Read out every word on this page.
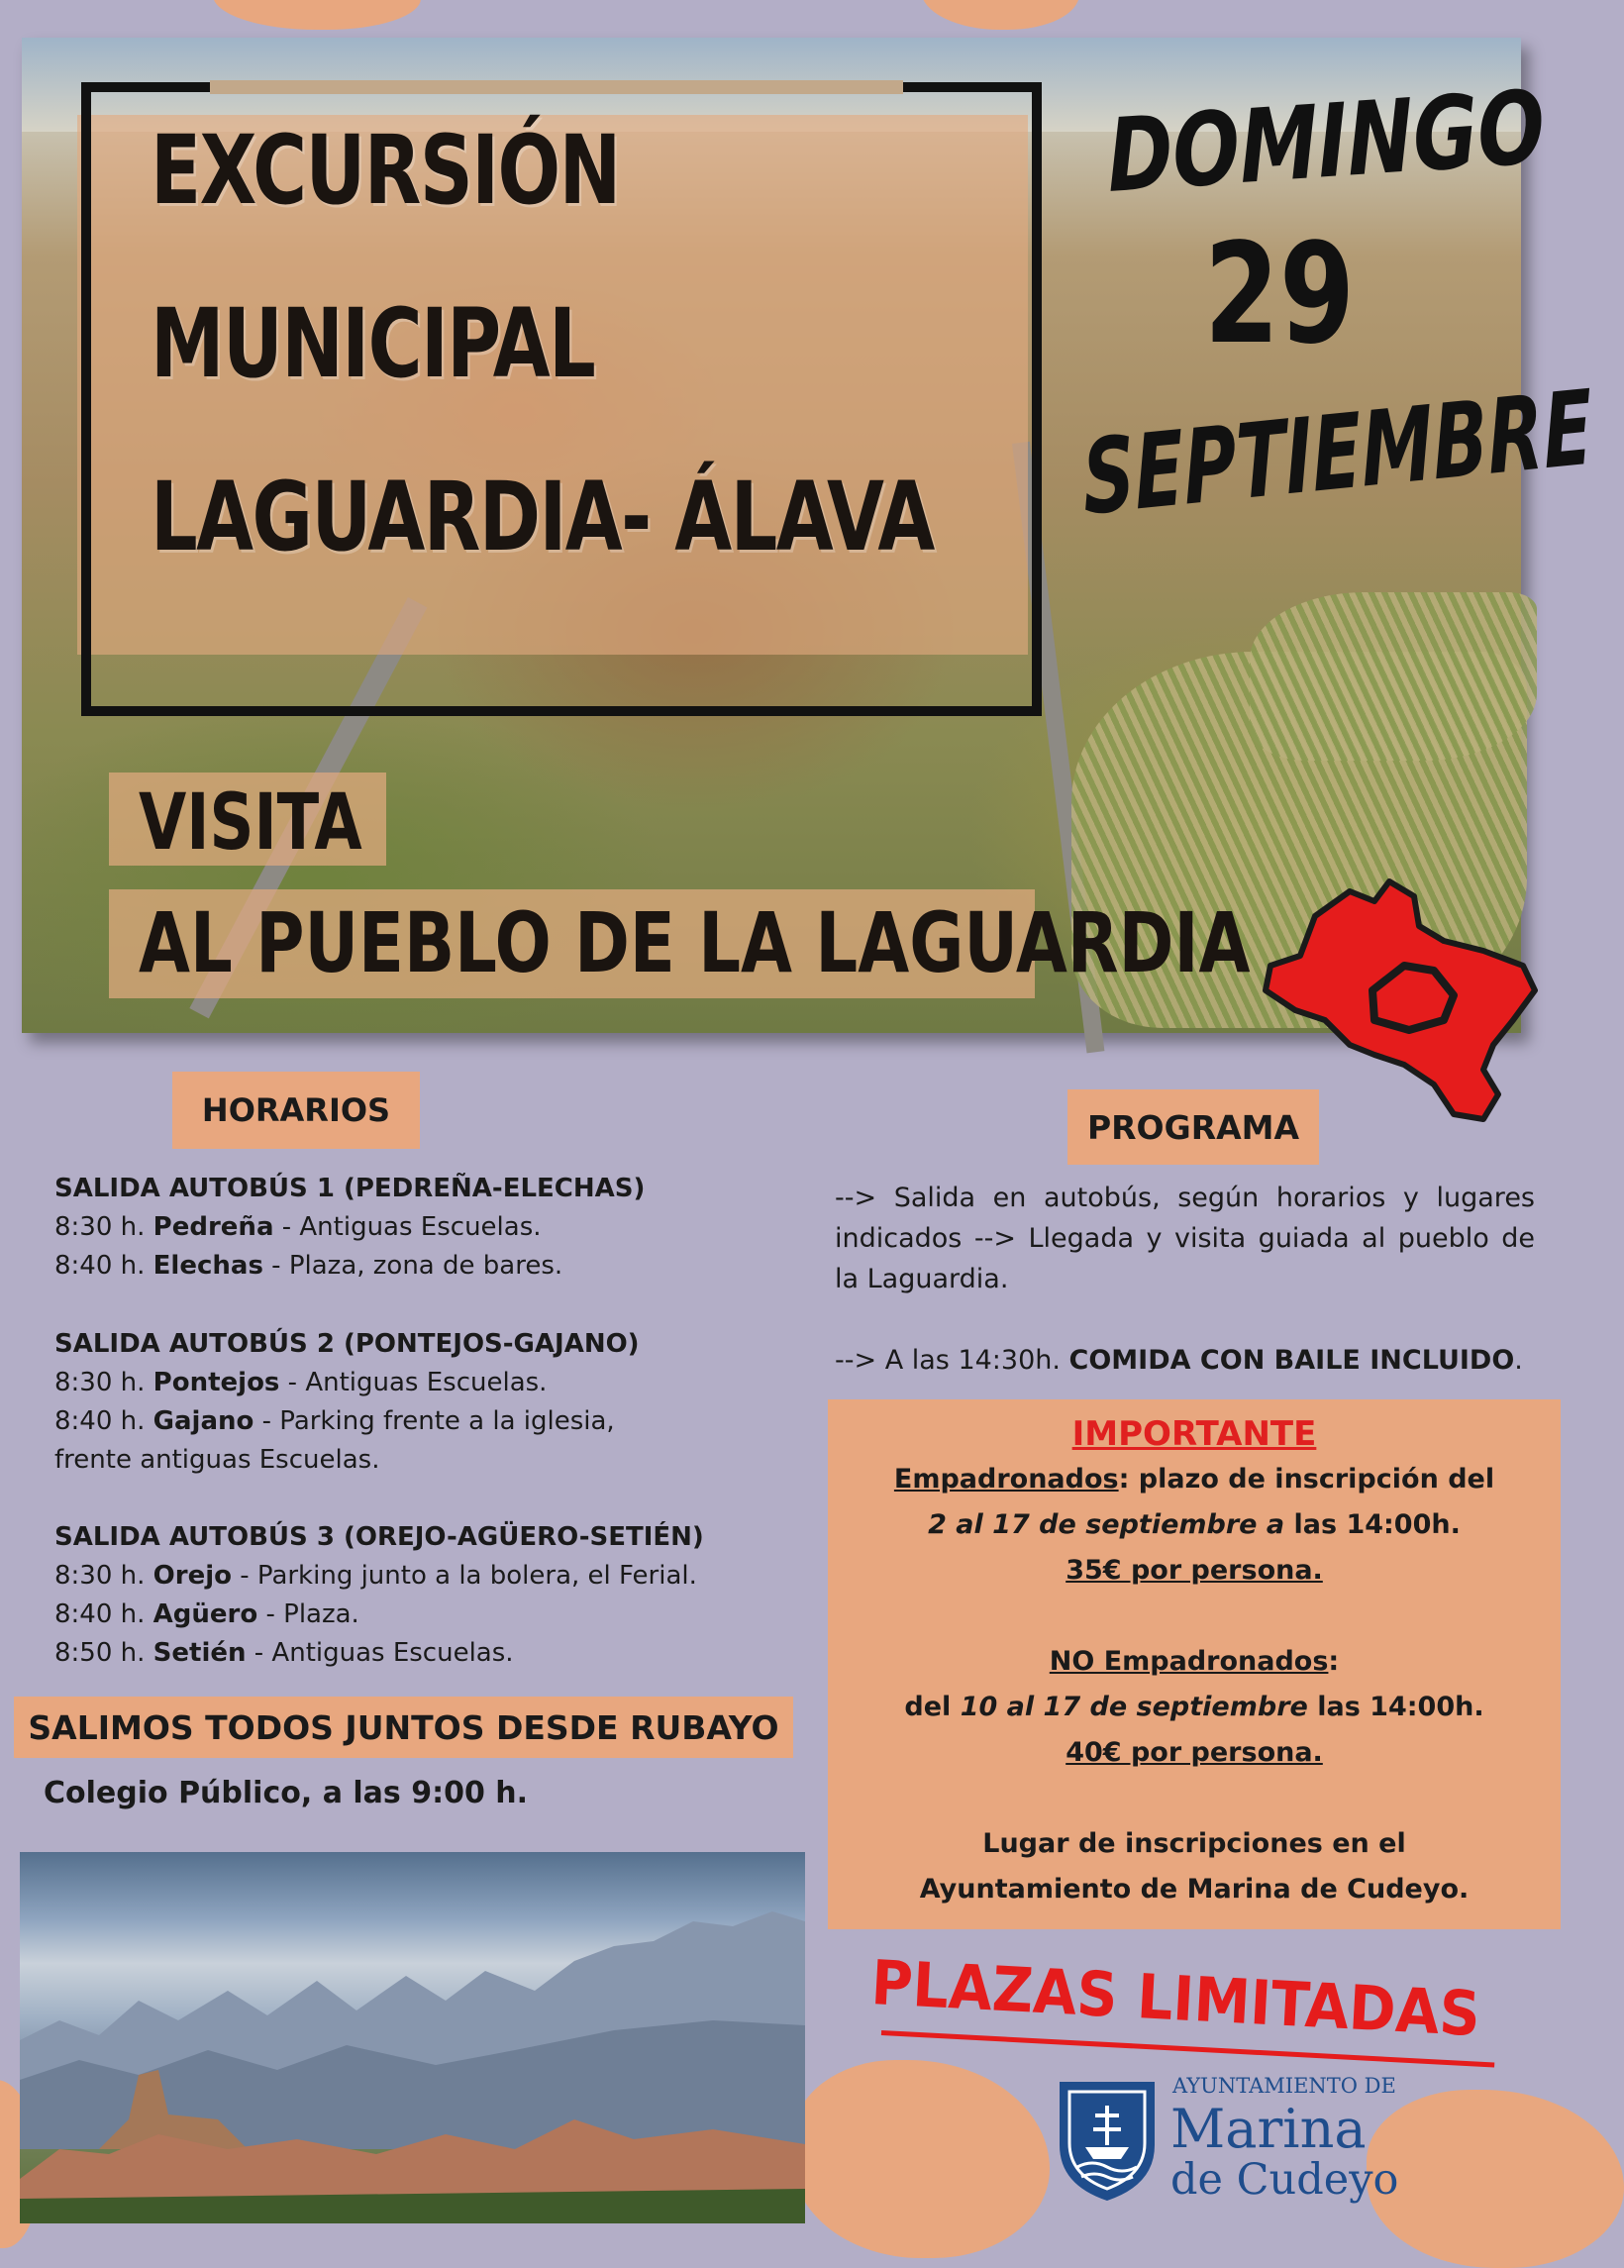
EXCURSIÓN
MUNICIPAL
LAGUARDIA- ÁLAVA
DOMINGO
29
SEPTIEMBRE
VISITA
AL PUEBLO DE LA LAGUARDIA
HORARIOS
SALIDA AUTOBÚS 1 (PEDREÑA-ELECHAS)
8:30 h. Pedreña - Antiguas Escuelas.
8:40 h. Elechas - Plaza, zona de bares.
SALIDA AUTOBÚS 2 (PONTEJOS-GAJANO)
8:30 h. Pontejos - Antiguas Escuelas.
8:40 h. Gajano - Parking frente a la iglesia,
frente antiguas Escuelas.
SALIDA AUTOBÚS 3 (OREJO-AGÜERO-SETIÉN)
8:30 h. Orejo - Parking junto a la bolera, el Ferial.
8:40 h. Agüero - Plaza.
8:50 h. Setién - Antiguas Escuelas.
SALIMOS TODOS JUNTOS DESDE RUBAYO
Colegio Público, a las 9:00 h.
PROGRAMA
--> Salida en autobús, según horarios y lugares indicados --> Llegada y visita guiada al pueblo de la Laguardia.
--> A las 14:30h. COMIDA CON BAILE INCLUIDO.
IMPORTANTE
Empadronados: plazo de inscripción del
2 al 17 de septiembre a las 14:00h.
35€ por persona.
NO Empadronados:
del 10 al 17 de septiembre las 14:00h.
40€ por persona.
Lugar de inscripciones en el
Ayuntamiento de Marina de Cudeyo.
PLAZAS LIMITADAS
AYUNTAMIENTO DE
Marina
de Cudeyo
